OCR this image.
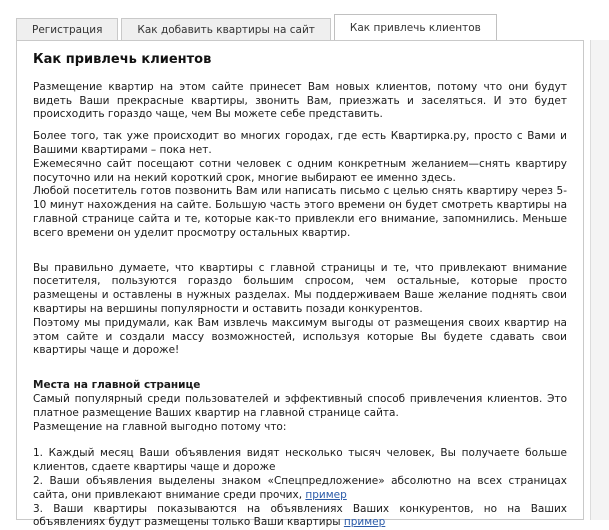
Регистрация	Как добавить квартиры на сайт	Как привлечь клиентов
Как привлечь клиентов

Размещение квартир на этом сайте принесет Вам новых клиентов, потому что они будут видеть Ваши прекрасные квартиры, звонить Вам, приезжать и заселяться. И это будет происходить гораздо чаще, чем Вы можете себе представить.

Более того, так уже происходит во многих городах, где есть Квартирка.ру, просто с Вами и Вашими квартирами – пока нет.

Ежемесячно сайт посещают сотни человек с одним конкретным желанием—снять квартиру посуточно или на некий короткий срок, многие выбирают ее именно здесь.

Любой посетитель готов позвонить Вам или написать письмо с целью снять квартиру через 5-10 минут нахождения на сайте. Большую часть этого времени он будет смотреть квартиры на главной странице сайта и те, которые как-то привлекли его внимание, запомнились. Меньше всего времени он уделит просмотру остальных квартир.

Вы правильно думаете, что квартиры с главной страницы и те, что привлекают внимание посетителя, пользуются гораздо большим спросом, чем остальные, которые просто размещены и оставлены в нужных разделах. Мы поддерживаем Ваше желание поднять свои квартиры на вершины популярности и оставить позади конкурентов.

Поэтому мы придумали, как Вам извлечь максимум выгоды от размещения своих квартир на этом сайте и создали массу возможностей, используя которые Вы будете сдавать свои квартиры чаще и дороже!

Места на главной странице

Самый популярный среди пользователей и эффективный способ привлечения клиентов. Это платное размещение Ваших квартир на главной странице сайта.

Размещение на главной выгодно потому что:

1. Каждый месяц Ваши объявления видят несколько тысяч человек, Вы получаете больше клиентов, сдаете квартиры чаще и дороже

2. Ваши объявления выделены знаком «Спецпредложение» абсолютно на всех страницах сайта, они привлекают внимание среди прочих, пример

3. Ваши квартиры показываются на объявлениях Ваших конкурентов, но на Ваших объявлениях будут размещены только Ваши квартиры пример
